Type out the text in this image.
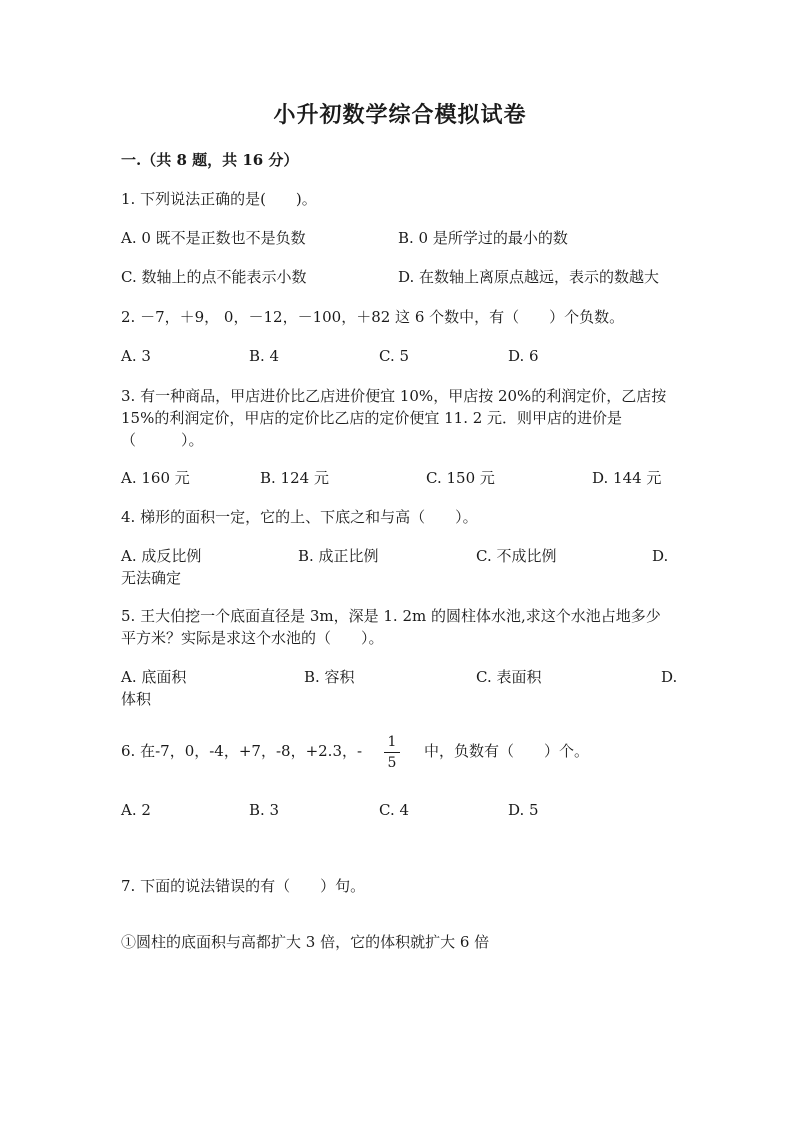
小升初数学综合模拟试卷
一.（共 8 题，共 16 分）
1. 下列说法正确的是(　　)。
A. 0 既不是正数也不是负数	B. 0 是所学过的最小的数
C. 数轴上的点不能表示小数	D. 在数轴上离原点越远，表示的数越大
2. －7，＋9， 0，－12，－100，＋82 这 6 个数中，有（　　）个负数。
A. 3	B. 4	C. 5	D. 6
3. 有一种商品，甲店进价比乙店进价便宜 10%，甲店按 20%的利润定价，乙店按
15%的利润定价，甲店的定价比乙店的定价便宜 11. 2 元．则甲店的进价是
（　　　）。
A. 160 元	B. 124 元	C. 150 元	D. 144 元
4. 梯形的面积一定，它的上、下底之和与高（　　）。
A. 成反比例	B. 成正比例	C. 不成比例	D.
无法确定
5. 王大伯挖一个底面直径是 3m，深是 1. 2m 的圆柱体水池,求这个水池占地多少
平方米？实际是求这个水池的（　　）。
A. 底面积	B. 容积	C. 表面积	D.
体积
6. 在-7，0，-4，+7，-8，+2.3，-	1
5
中，负数有（　　）个。
A. 2	B. 3	C. 4	D. 5
7. 下面的说法错误的有（　　）句。
①圆柱的底面积与高都扩大 3 倍，它的体积就扩大 6 倍
